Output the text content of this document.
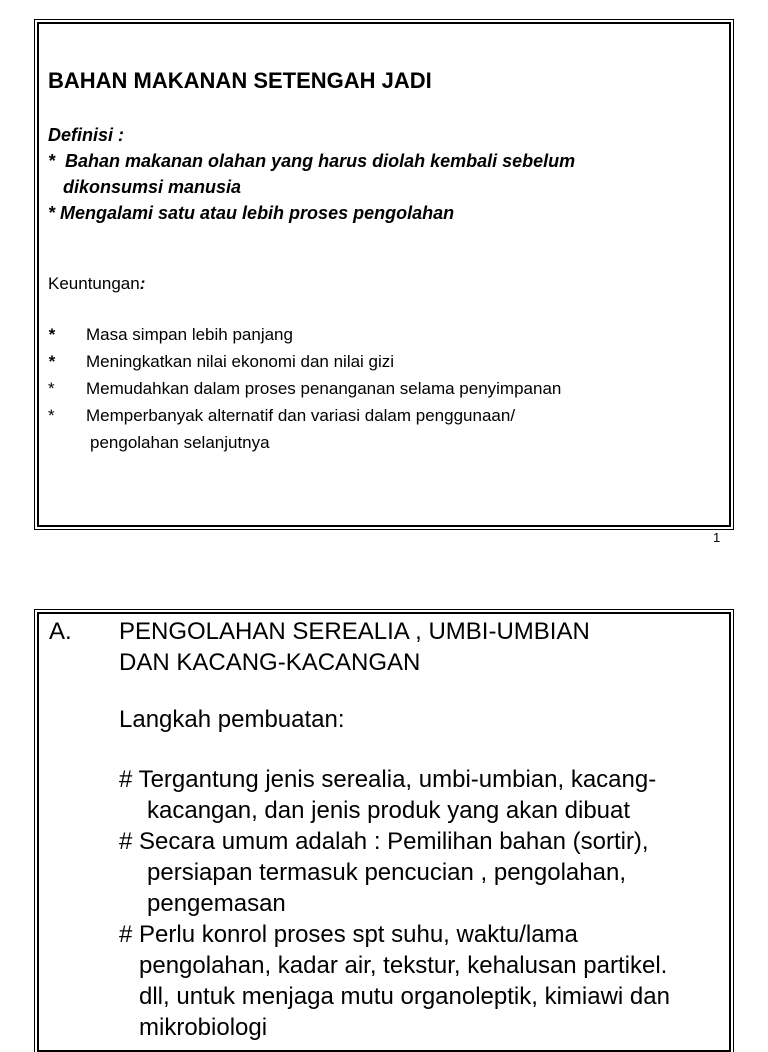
BAHAN MAKANAN SETENGAH JADI
Definisi :
*  Bahan makanan olahan yang harus diolah kembali sebelum
dikonsumsi manusia
* Mengalami satu atau lebih proses pengolahan
Keuntungan:
*	Masa simpan lebih panjang
*	Meningkatkan nilai ekonomi dan nilai gizi
*	Memudahkan dalam proses penanganan selama penyimpanan
*	Memperbanyak alternatif dan variasi dalam penggunaan/
pengolahan selanjutnya
1
A. PENGOLAHAN SEREALIA , UMBI-UMBIAN
DAN KACANG-KACANGAN
Langkah pembuatan:
# Tergantung jenis serealia, umbi-umbian, kacang-
kacangan, dan jenis produk yang akan dibuat
# Secara umum adalah : Pemilihan bahan (sortir),
persiapan termasuk pencucian , pengolahan,
pengemasan
# Perlu konrol proses spt suhu, waktu/lama
pengolahan, kadar air, tekstur, kehalusan partikel.
dll, untuk menjaga mutu organoleptik, kimiawi dan
mikrobiologi
